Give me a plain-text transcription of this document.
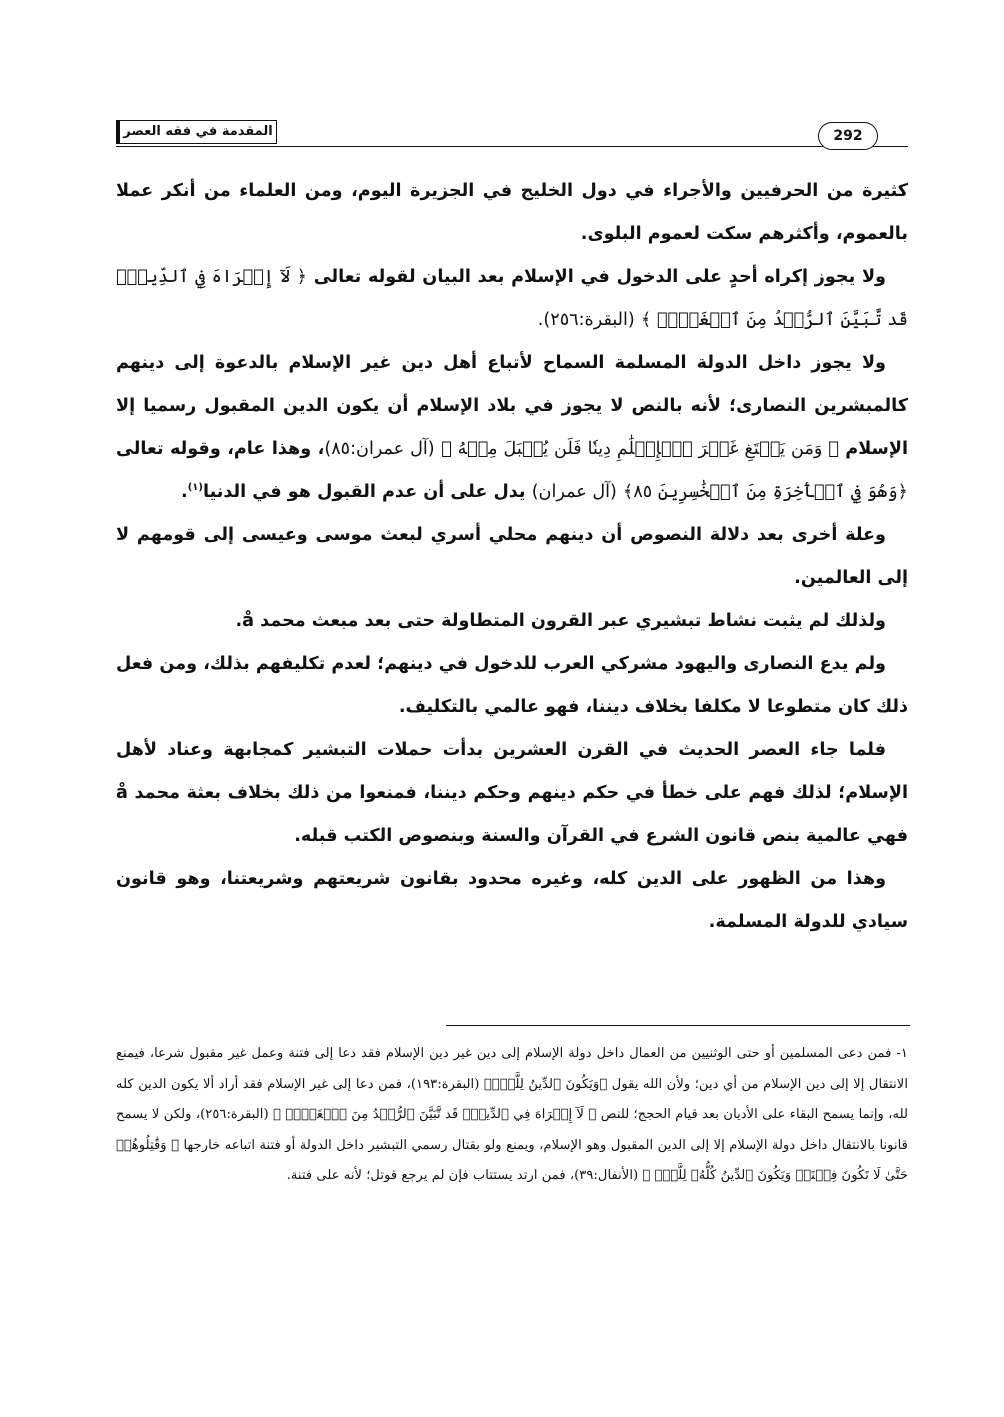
المقدمة في فقه العصر	292

كثيرة من الحرفيين والأجراء في دول الخليج في الجزيرة اليوم، ومن العلماء من أنكر عملا بالعموم، وأكثرهم سكت لعموم البلوى.

ولا يجوز إكراه أحدٍ على الدخول في الإسلام بعد البيان لقوله تعالى ﴿ لَآ إِكۡرَاهَ فِي ٱلدِّينِۖ قَد تَّبَيَّنَ ٱلرُّشۡدُ مِنَ ٱلۡغَيِّۚ ﴾ (البقرة:٢٥٦).

ولا يجوز داخل الدولة المسلمة السماح لأتباع أهل دين غير الإسلام بالدعوة إلى دينهم كالمبشرين النصارى؛ لأنه بالنص لا يجوز في بلاد الإسلام أن يكون الدين المقبول رسميا إلا الإسلام ﴿ وَمَن يَبۡتَغِ غَيۡرَ ٱلۡإِسۡلَٰمِ دِينٗا فَلَن يُقۡبَلَ مِنۡهُ ﴾ (آل عمران:٨٥)، وهذا عام، وقوله تعالى ﴿وَهُوَ فِي ٱلۡأٓخِرَةِ مِنَ ٱلۡخَٰسِرِينَ ٨٥﴾ (آل عمران) يدل على أن عدم القبول هو في الدنيا$^{(١)}$.

وعلة أخرى بعد دلالة النصوص أن دينهم محلي أسري لبعث موسى وعيسى إلى قومهم لا إلى العالمين.

ولذلك لم يثبت نشاط تبشيري عبر القرون المتطاولة حتى بعد مبعث محمد å.

ولم يدع النصارى واليهود مشركي العرب للدخول في دينهم؛ لعدم تكليفهم بذلك، ومن فعل ذلك كان متطوعا لا مكلفا بخلاف ديننا، فهو عالمي بالتكليف.

فلما جاء العصر الحديث في القرن العشرين بدأت حملات التبشير كمجابهة وعناد لأهل الإسلام؛ لذلك فهم على خطأ في حكم دينهم وحكم ديننا، فمنعوا من ذلك بخلاف بعثة محمد å فهي عالمية بنص قانون الشرع في القرآن والسنة وبنصوص الكتب قبله.

وهذا من الظهور على الدين كله، وغيره محدود بقانون شريعتهم وشريعتنا، وهو قانون سيادي للدولة المسلمة.

١- فمن دعى المسلمين أو حتى الوثنيين من العمال داخل دولة الإسلام إلى دين غير دين الإسلام فقد دعا إلى فتنة وعمل غير مقبول شرعا، فيمنع الانتقال إلا إلى دين الإسلام من أي دين؛ ولأن الله يقول ﴿وَيَكُونَ ٱلدِّينُ لِلَّهِۖ﴾ (البقرة:١٩٣)، فمن دعا إلى غير الإسلام فقد أراد ألا يكون الدين كله لله، وإنما يسمح البقاء على الأديان بعد قيام الحجج؛ للنص ﴿ لَآ إِكۡرَاهَ فِي ٱلدِّينِۖ قَد تَّبَيَّنَ ٱلرُّشۡدُ مِنَ ٱلۡغَيِّۚ ﴾ (البقرة:٢٥٦)، ولكن لا يسمح قانونا بالانتقال داخل دولة الإسلام إلا إلى الدين المقبول وهو الإسلام، ويمنع ولو بقتال رسمي التبشير داخل الدولة أو فتنة اتباعه خارجها ﴿ وَقَٰتِلُوهُمۡ حَتَّىٰ لَا تَكُونَ فِتۡنَةٞ وَيَكُونَ ٱلدِّينُ كُلُّهُۥ لِلَّهِۚ ﴾ (الأنفال:٣٩)، فمن ارتد يستتاب فإن لم يرجع قوتل؛ لأنه على فتنة.
